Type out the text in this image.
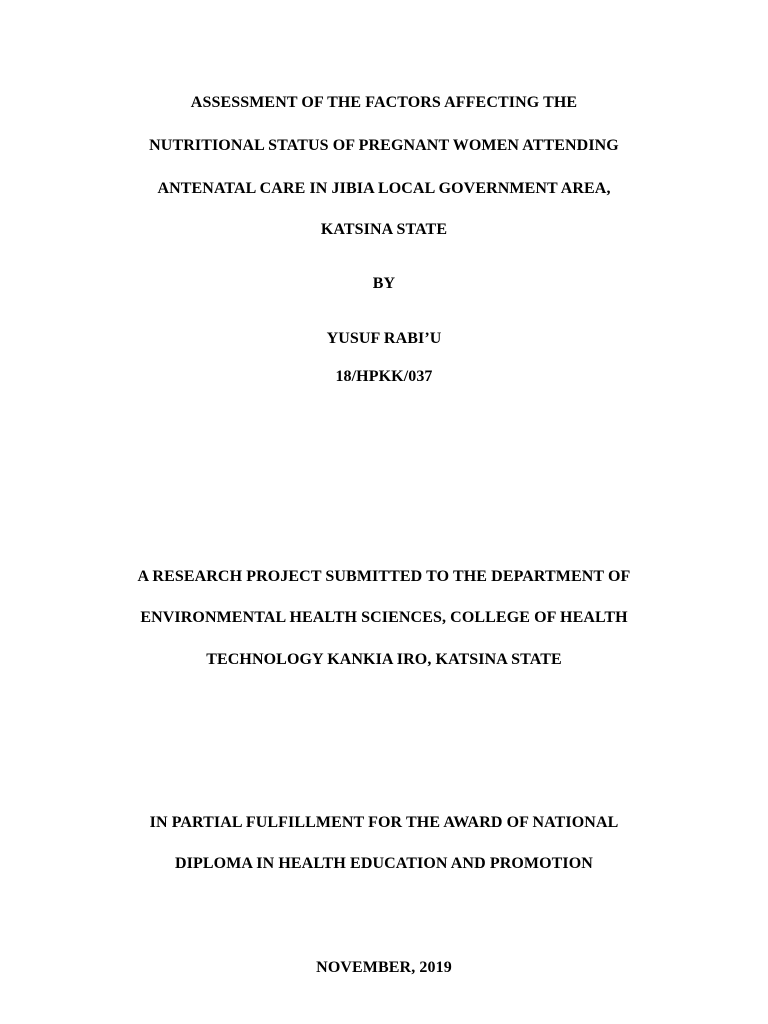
ASSESSMENT OF THE FACTORS AFFECTING THE
NUTRITIONAL STATUS OF PREGNANT WOMEN ATTENDING
ANTENATAL CARE IN JIBIA LOCAL GOVERNMENT AREA,
KATSINA STATE
BY
YUSUF RABI’U
18/HPKK/037
A RESEARCH PROJECT SUBMITTED TO THE DEPARTMENT OF
ENVIRONMENTAL HEALTH SCIENCES, COLLEGE OF HEALTH
TECHNOLOGY KANKIA IRO, KATSINA STATE
IN PARTIAL FULFILLMENT FOR THE AWARD OF NATIONAL
DIPLOMA IN HEALTH EDUCATION AND PROMOTION
NOVEMBER, 2019
